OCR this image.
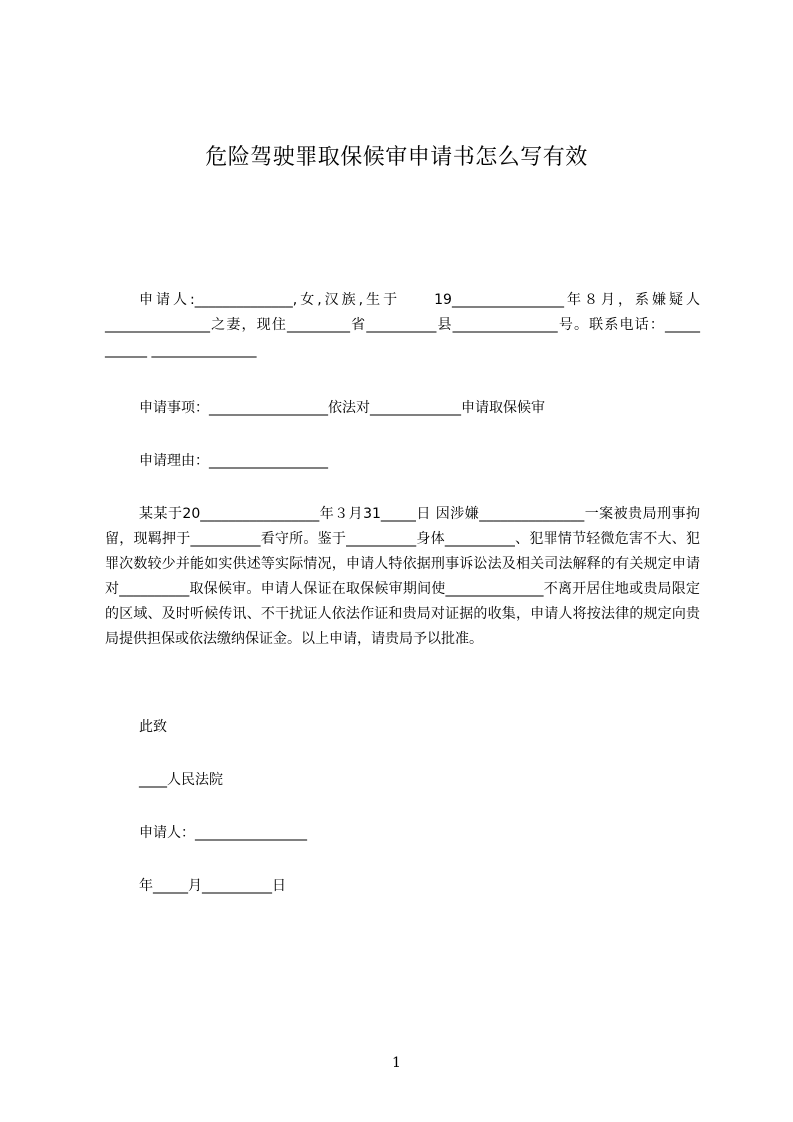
危险驾驶罪取保候审申请书怎么写有效
申请人:______________,女,汉族,生于　　19________________年８月，系嫌疑人_______________之妻，现住_________省__________县_______________号。联系电话：_____ ______ _______________
申请事项：_________________依法对_____________申请取保候审
申请理由：_________________
某某于20_________________年３月31_____日 因涉嫌_______________一案被贵局刑事拘留，现羁押于__________看守所。鉴于__________身体__________、犯罪情节轻微危害不大、犯罪次数较少并能如实供述等实际情况，申请人特依据刑事诉讼法及相关司法解释的有关规定申请对__________取保候审。申请人保证在取保候审期间使______________不离开居住地或贵局限定的区域、及时听候传讯、不干扰证人依法作证和贵局对证据的收集，申请人将按法律的规定向贵局提供担保或依法缴纳保证金。以上申请，请贵局予以批准。
此致
____人民法院
申请人：________________
年_____月__________日
1
